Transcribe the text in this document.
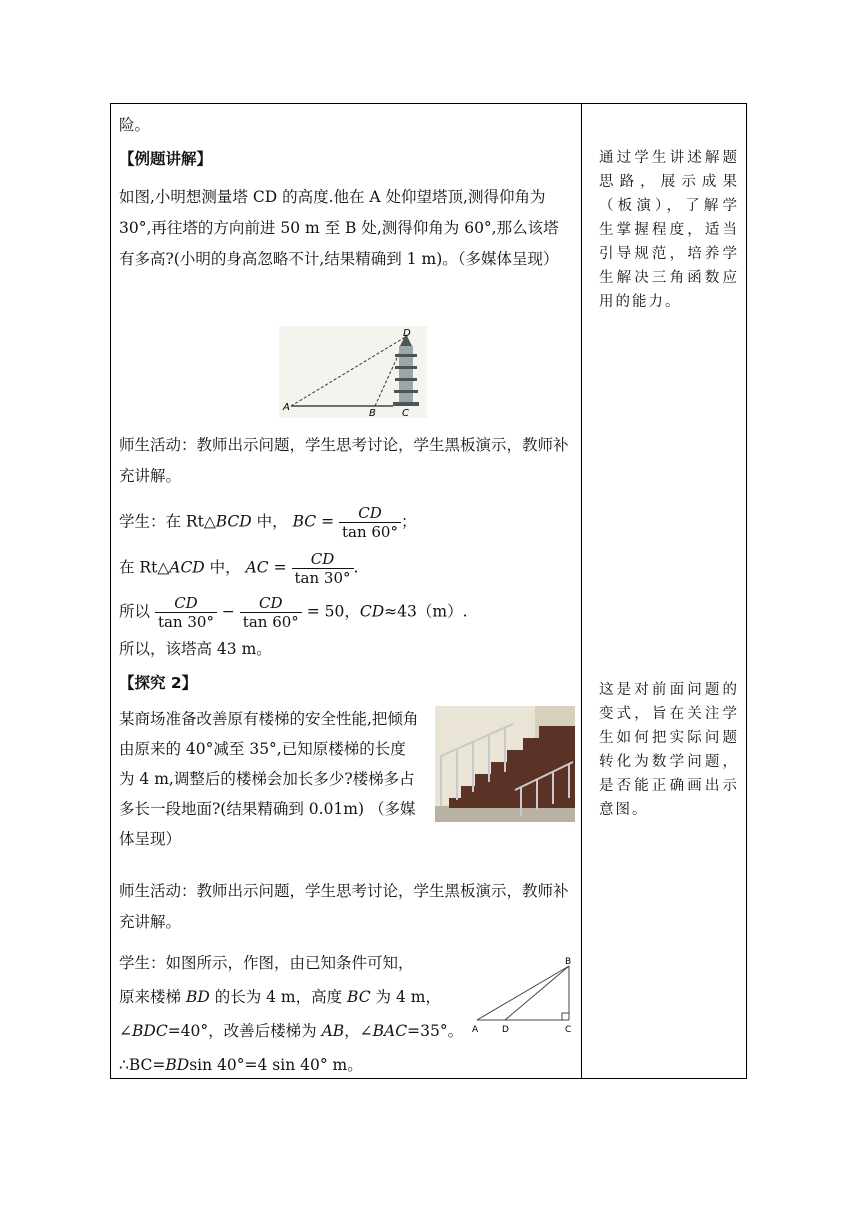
险。
【例题讲解】
如图,小明想测量塔 CD 的高度.他在 A 处仰望塔顶,测得仰角为 30°,再往塔的方向前进 50 m 至 B 处,测得仰角为 60°,那么该塔有多高?(小明的身高忽略不计,结果精确到 1 m)。（多媒体呈现）
A
B	C
D
师生活动：教师出示问题，学生思考讨论，学生黑板演示，教师补充讲解。
学生：在 Rt△BCD 中， BC = $\frac{CD}{\tan 60^\circ}$ ；
在 Rt△ACD 中， AC = $\frac{CD}{\tan 30^\circ}$ .
所以 $\frac{CD}{\tan 30^\circ} - \frac{CD}{\tan 60^\circ} = 50$，CD≈43（m）.
所以，该塔高 43 m。
【探究 2】
某商场准备改善原有楼梯的安全性能,把倾角由原来的 40°减至 35°,已知原楼梯的长度为 4 m,调整后的楼梯会加长多少?楼梯多占多长一段地面?(结果精确到 0.01m) （多媒体呈现）
师生活动：教师出示问题，学生思考讨论，学生黑板演示，教师补充讲解。
学生：如图所示，作图，由已知条件可知，
原来楼梯 BD 的长为 4 m，高度 BC 为 4 m，
∠BDC=40°，改善后楼梯为 AB，∠BAC=35°。
∴BC=BDsin 40°=4 sin 40° m。
A	D	C
B
通过学生讲述解题思路，展示成果（板演），了解学生掌握程度，适当引导规范，培养学生解决三角函数应用的能力。
这是对前面问题的变式，旨在关注学生如何把实际问题转化为数学问题，是否能正确画出示意图。
